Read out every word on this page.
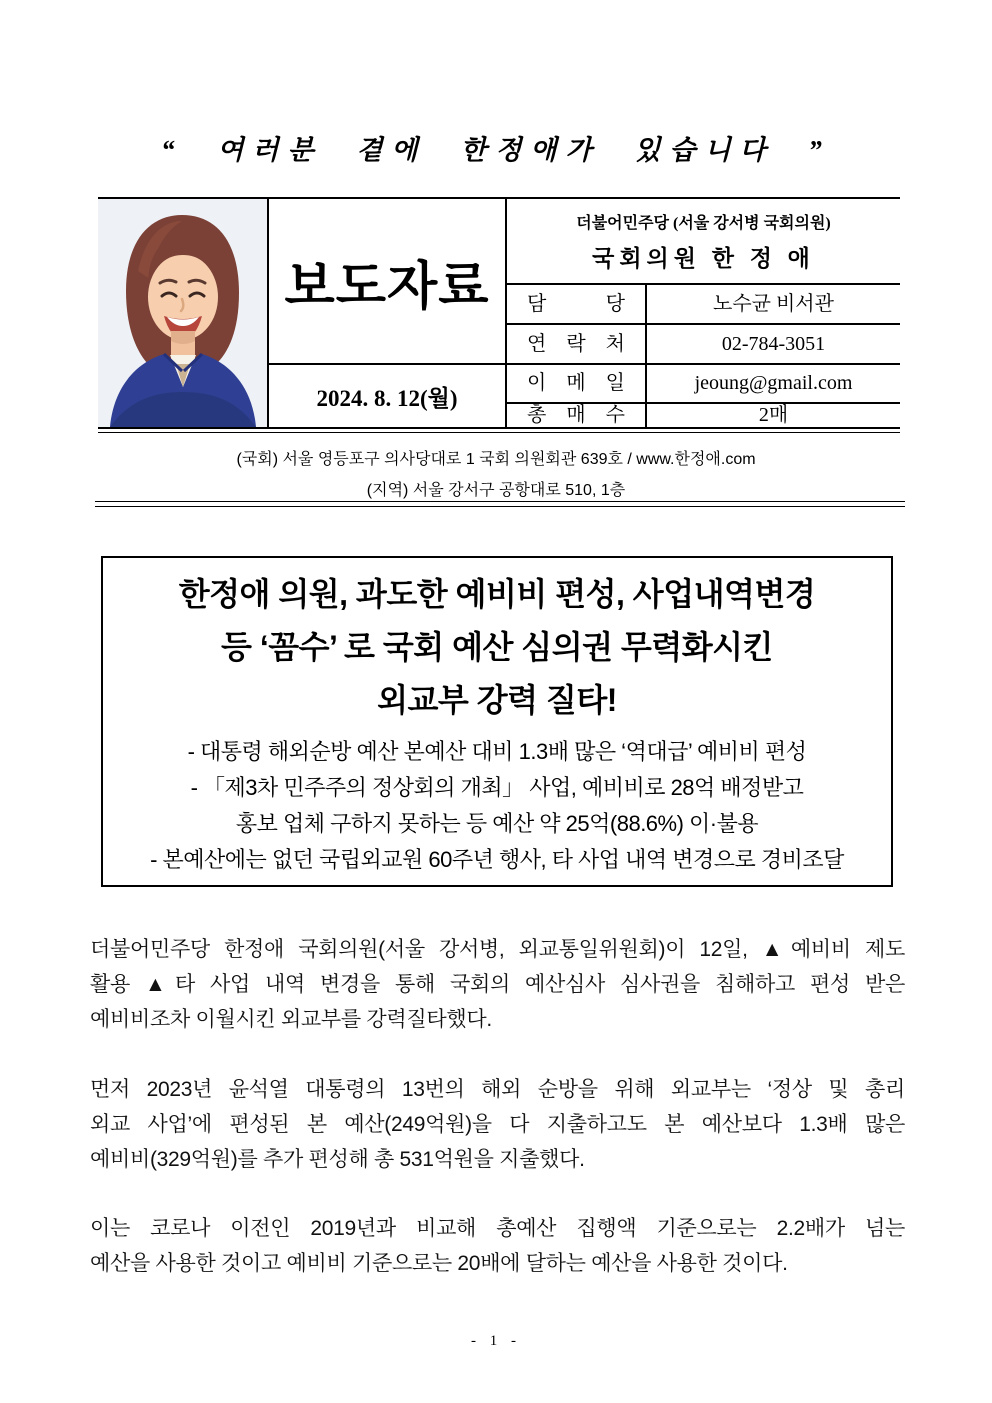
“ 여러분 곁에 한정애가 있습니다 ”
보도자료
2024. 8. 12(월)
더불어민주당 (서울 강서병 국회의원)
국회의원 한 정 애
담 당	노수균 비서관
연 락 처	02-784-3051
이 메 일	jeoung@gmail.com
총 매 수	2매
(국회) 서울 영등포구 의사당대로 1 국회 의원회관 639호 / www.한정애.com
(지역) 서울 강서구 공항대로 510, 1층
한정애 의원, 과도한 예비비 편성, 사업내역변경
등 ‘꼼수’ 로 국회 예산 심의권 무력화시킨
외교부 강력 질타!
- 대통령 해외순방 예산 본예산 대비 1.3배 많은 ‘역대급’ 예비비 편성
- 「제3차 민주주의 정상회의 개최」 사업, 예비비로 28억 배정받고
홍보 업체 구하지 못하는 등 예산 약 25억(88.6%) 이·불용
- 본예산에는 없던 국립외교원 60주년 행사, 타 사업 내역 변경으로 경비조달
더불어민주당 한정애 국회의원(서울 강서병, 외교통일위원회)이 12일, ▲예비비 제도
활용 ▲타 사업 내역 변경을 통해 국회의 예산심사 심사권을 침해하고 편성 받은
예비비조차 이월시킨 외교부를 강력질타했다.
먼저 2023년 윤석열 대통령의 13번의 해외 순방을 위해 외교부는 ‘정상 및 총리
외교 사업’에 편성된 본 예산(249억원)을 다 지출하고도 본 예산보다 1.3배 많은
예비비(329억원)를 추가 편성해 총 531억원을 지출했다.
이는 코로나 이전인 2019년과 비교해 총예산 집행액 기준으로는 2.2배가 넘는
예산을 사용한 것이고 예비비 기준으로는 20배에 달하는 예산을 사용한 것이다.
- 1 -
